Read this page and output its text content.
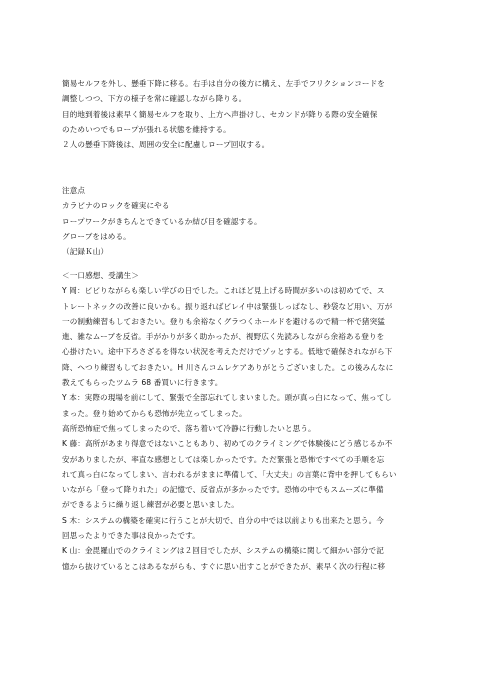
簡易セルフを外し、懸垂下降に移る。右手は自分の後方に構え、左手でフリクションコードを
調整しつつ、下方の様子を常に確認しながら降りる。
目的地到着後は素早く簡易セルフを取り、上方へ声掛けし、セカンドが降りる際の安全確保
のためいつでもロープが張れる状態を維持する。
２人の懸垂下降後は、周囲の安全に配慮しロープ回収する。
注意点
カラビナのロックを確実にやる
ロープワークがきちんとできているか結び目を確認する。
グローブをはめる。
（記録Ｋ山）
＜一口感想、受講生＞
Y 岡：ビビりながらも楽しい学びの日でした。これほど見上げる時間が多いのは初めてで、ス
トレートネックの改善に良いかも。振り返ればビレイ中は緊張しっぱなし、秒袋など用い、万が
一の制動練習もしておきたい。登りも余裕なくグラつくホールドを避けるので精一杯で猪突猛
進、雑なムーブを反省。手がかりが多く助かったが、視野広く先読みしながら余裕ある登りを
心掛けたい。途中下ろさざるを得ない状況を考えただけでゾッとする。低地で確保されながら下
降、ヘつり練習もしておきたい。H 川さんコムレケアありがとうございました。この後みんなに
教えてもらったツムラ 68 番買いに行きます。
Y 本：実際の現場を前にして、緊張で全部忘れてしまいました。頭が真っ白になって、焦ってし
まった。登り始めてからも恐怖が先立ってしまった。
高所恐怖症で焦ってしまったので、落ち着いて冷静に行動したいと思う。
K 藤：高所があまり得意ではないこともあり、初めてのクライミングで体験後にどう感じるか不
安がありましたが、率直な感想としては楽しかったです。ただ緊張と恐怖ですべての手順を忘
れて真っ白になってしまい、言われるがままに準備して、「大丈夫」の言葉に背中を押してもらい
いながら「登って降りれた」の記憶で、反省点が多かったです。恐怖の中でもスムーズに準備
ができるように繰り返し練習が必要と思いました。
S 木：システムの構築を確実に行うことが大切で、自分の中では以前よりも出来たと思う。今
回思ったよりできた事は良かったです。
K 山：金毘羅山でのクライミングは２回目でしたが、システムの構築に関して細かい部分で記
憶から抜けているとこはあるながらも、すぐに思い出すことができたが、素早く次の行程に移
